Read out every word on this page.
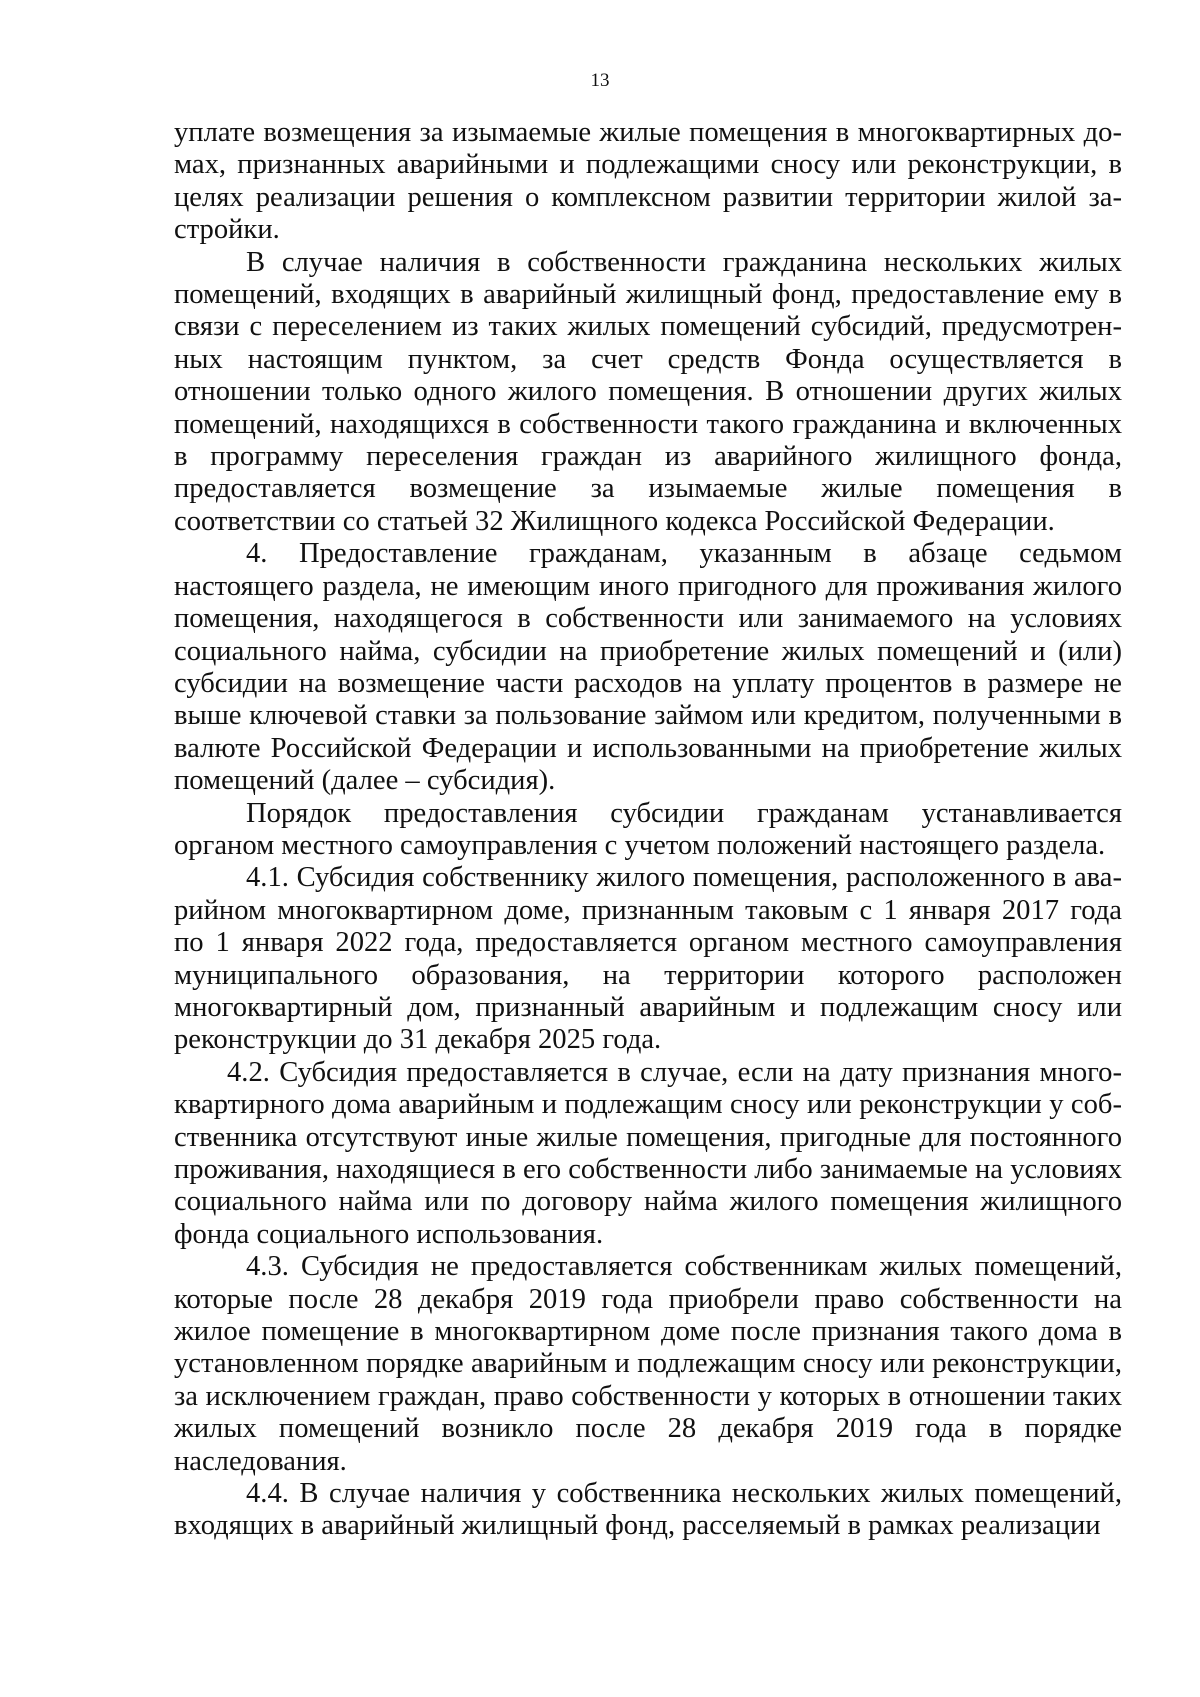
13

уплате возмещения за изымаемые жилые помещения в многоквартирных домах, признанных аварийными и подлежащими сносу или реконструкции, в целях реализации решения о комплексном развитии территории жилой застройки.

В случае наличия в собственности гражданина нескольких жилых помещений, входящих в аварийный жилищный фонд, предоставление ему в связи с переселением из таких жилых помещений субсидий, предусмотренных настоящим пунктом, за счет средств Фонда осуществляется в отношении только одного жилого помещения. В отношении других жилых помещений, находящихся в собственности такого гражданина и включенных в программу переселения граждан из аварийного жилищного фонда, предоставляется возмещение за изымаемые жилые помещения в соответствии со статьей 32 Жилищного кодекса Российской Федерации.

4. Предоставление гражданам, указанным в абзаце седьмом настоящего раздела, не имеющим иного пригодного для проживания жилого помещения, находящегося в собственности или занимаемого на условиях социального найма, субсидии на приобретение жилых помещений и (или) субсидии на возмещение части расходов на уплату процентов в размере не выше ключевой ставки за пользование займом или кредитом, полученными в валюте Российской Федерации и использованными на приобретение жилых помещений (далее – субсидия).

Порядок предоставления субсидии гражданам устанавливается органом местного самоуправления с учетом положений настоящего раздела.

4.1. Субсидия собственнику жилого помещения, расположенного в аварийном многоквартирном доме, признанным таковым с 1 января 2017 года по 1 января 2022 года, предоставляется органом местного самоуправления муниципального образования, на территории которого расположен многоквартирный дом, признанный аварийным и подлежащим сносу или реконструкции до 31 декабря 2025 года.

4.2. Субсидия предоставляется в случае, если на дату признания многоквартирного дома аварийным и подлежащим сносу или реконструкции у собственника отсутствуют иные жилые помещения, пригодные для постоянного проживания, находящиеся в его собственности либо занимаемые на условиях социального найма или по договору найма жилого помещения жилищного фонда социального использования.

4.3. Субсидия не предоставляется собственникам жилых помещений, которые после 28 декабря 2019 года приобрели право собственности на жилое помещение в многоквартирном доме после признания такого дома в установленном порядке аварийным и подлежащим сносу или реконструкции, за исключением граждан, право собственности у которых в отношении таких жилых помещений возникло после 28 декабря 2019 года в порядке наследования.

4.4. В случае наличия у собственника нескольких жилых помещений, входящих в аварийный жилищный фонд, расселяемый в рамках реализации
